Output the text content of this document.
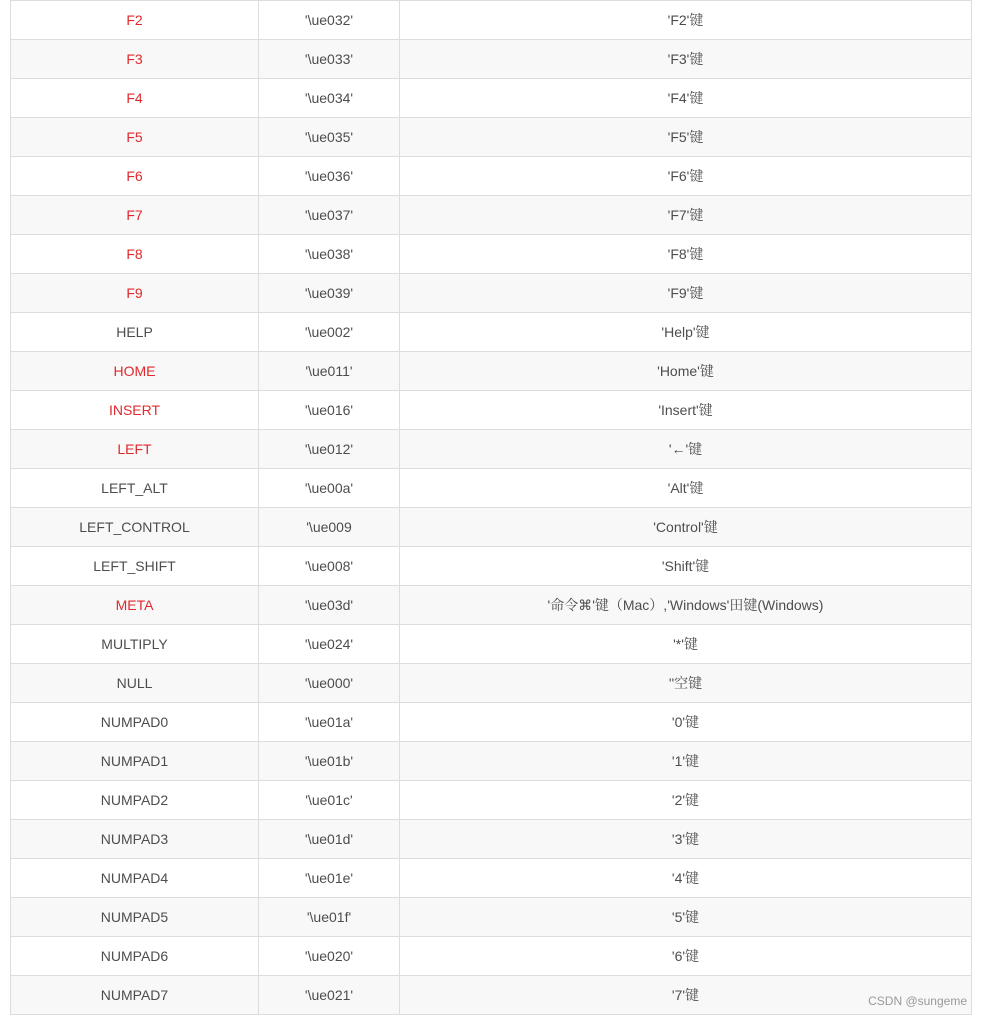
F2	'\ue032'	'F2'键
F3	'\ue033'	'F3'键
F4	'\ue034'	'F4'键
F5	'\ue035'	'F5'键
F6	'\ue036'	'F6'键
F7	'\ue037'	'F7'键
F8	'\ue038'	'F8'键
F9	'\ue039'	'F9'键
HELP	'\ue002'	'Help'键
HOME	'\ue011'	'Home'键
INSERT	'\ue016'	'Insert'键
LEFT	'\ue012'	'←'键
LEFT_ALT	'\ue00a'	'Alt'键
LEFT_CONTROL	'\ue009	'Control'键
LEFT_SHIFT	'\ue008'	'Shift'键
META	'\ue03d'	'命令⌘'键（Mac）,'Windows'田键(Windows)
MULTIPLY	'\ue024'	'*'键
NULL	'\ue000'	''空键
NUMPAD0	'\ue01a'	'0'键
NUMPAD1	'\ue01b'	'1'键
NUMPAD2	'\ue01c'	'2'键
NUMPAD3	'\ue01d'	'3'键
NUMPAD4	'\ue01e'	'4'键
NUMPAD5	'\ue01f'	'5'键
NUMPAD6	'\ue020'	'6'键
NUMPAD7	'\ue021'	'7'键	CSDN @sungeme
